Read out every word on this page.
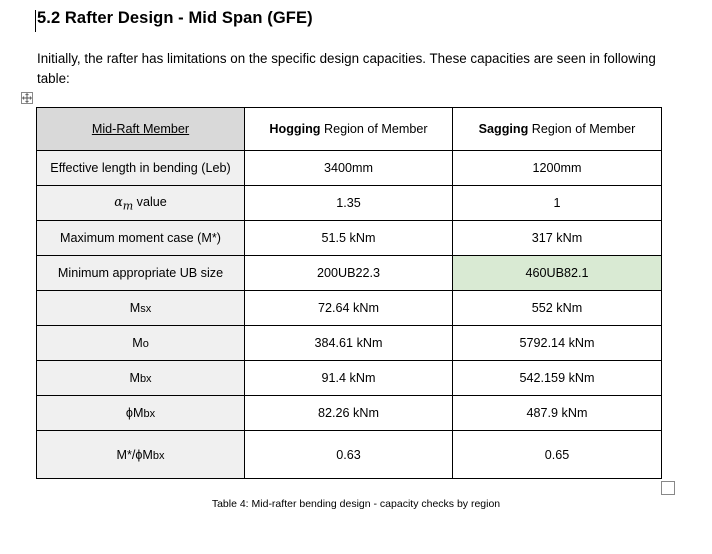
5.2 Rafter Design - Mid Span (GFE)

Initially, the rafter has limitations on the specific design capacities. These capacities are seen in following table:

Mid-Raft Member	Hogging Region of Member	Sagging Region of Member
Effective length in bending (Leb)	3400mm	1200mm
$\alpha_m$ value	1.35	1
Maximum moment case (M*)	51.5 kNm	317 kNm
Minimum appropriate UB size	200UB22.3	460UB82.1
Msx	72.64 kNm	552 kNm
Mo	384.61 kNm	5792.14 kNm
Mbx	91.4 kNm	542.159 kNm
ϕMbx	82.26 kNm	487.9 kNm
M*/ϕMbx	0.63	0.65
Table 4: Mid-rafter bending design - capacity checks by region
